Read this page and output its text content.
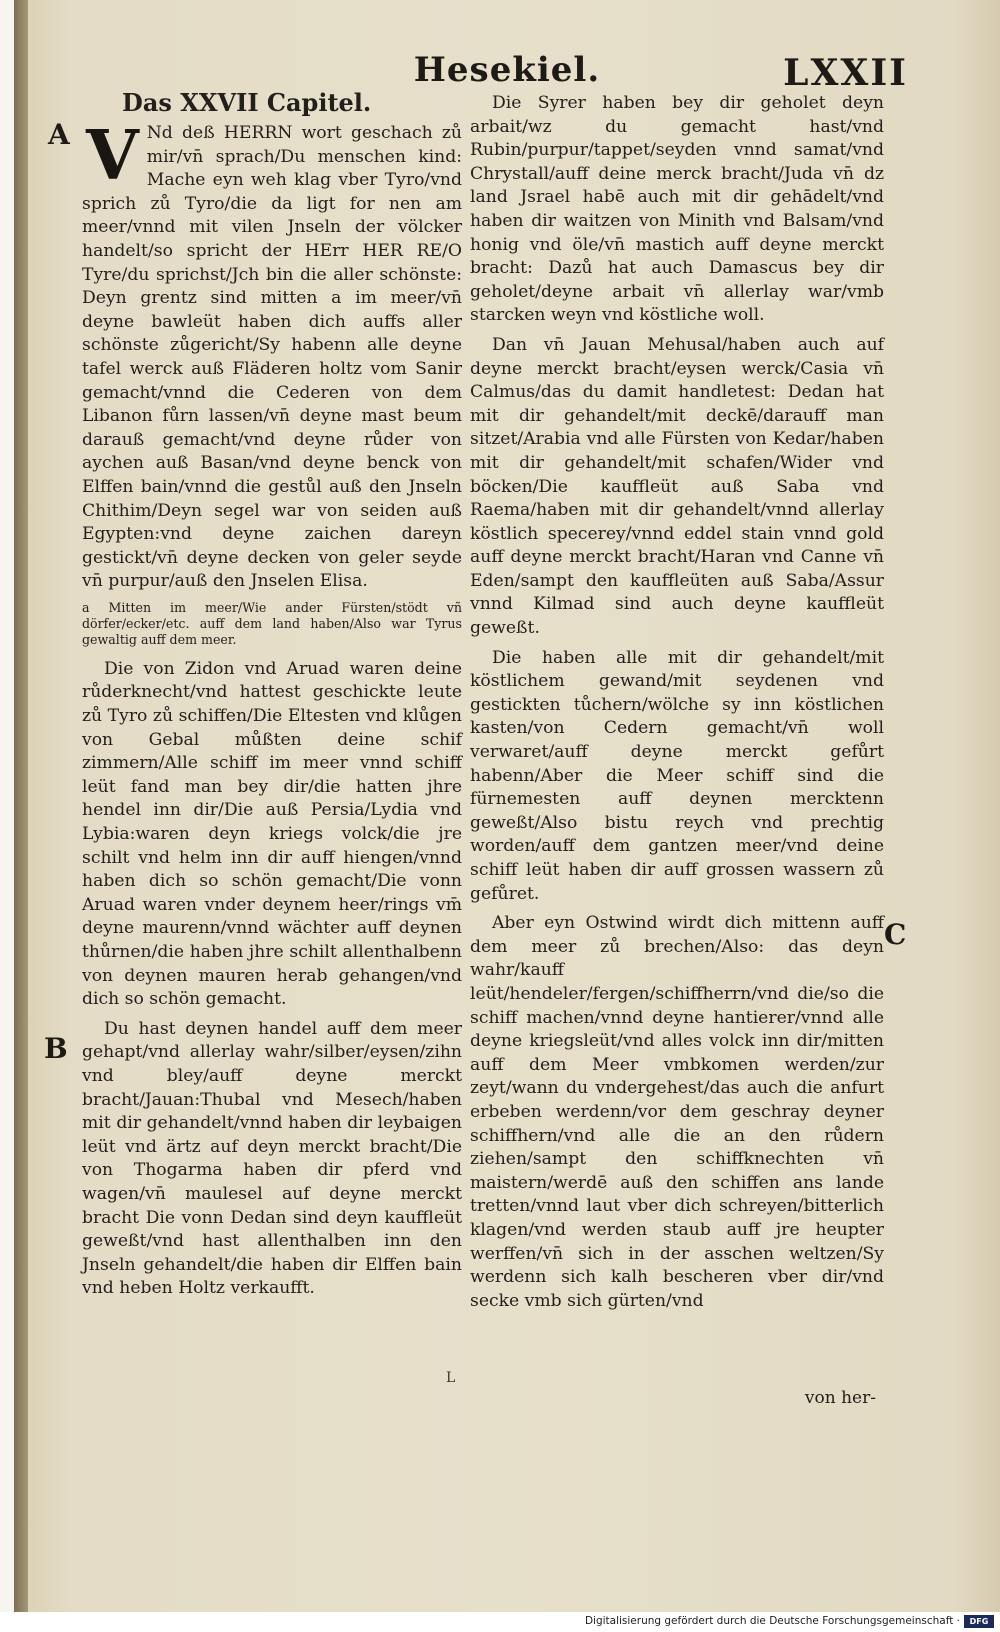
Hesekiel.	LXXII
A
B
C
Das XXVII Capitel.
V Nd deß HERRN wort geschach zů mir/vn̄ sprach/Du menschen kind: Mache eyn weh klag vber Tyro/vnd sprich zů Tyro/die da ligt for nen am meer/vnnd mit vilen Jnseln der völcker handelt/so spricht der HErr HER RE/O Tyre/du sprichst/Jch bin die aller schönste: Deyn grentz sind mitten a im meer/vn̄ deyne bawleüt haben dich auffs aller schönste zůgericht/Sy habenn alle deyne tafel werck auß Fläderen holtz vom Sanir gemacht/vnnd die Cederen von dem Libanon fůrn lassen/vn̄ deyne mast beum darauß gemacht/vnd deyne růder von aychen auß Basan/vnd deyne benck von Elffen bain/vnnd die gestůl auß den Jnseln Chithim/Deyn segel war von seiden auß Egypten:vnd deyne zaichen dareyn gestickt/vn̄ deyne decken von geler seyde vn̄ purpur/auß den Jnselen Elisa.
a Mitten im meer/Wie ander Fürsten/stödt vñ dörfer/ecker/etc. auff dem land haben/Also war Tyrus gewaltig auff dem meer.
Die von Zidon vnd Aruad waren deine růderknecht/vnd hattest geschickte leute zů Tyro zů schiffen/Die Eltesten vnd klůgen von Gebal můßten deine schif zimmern/Alle schiff im meer vnnd schiff leüt fand man bey dir/die hatten jhre hendel inn dir/Die auß Persia/Lydia vnd Lybia:waren deyn kriegs volck/die jre schilt vnd helm inn dir auff hiengen/vnnd haben dich so schön gemacht/Die vonn Aruad waren vnder deynem heer/rings vm̄ deyne maurenn/vnnd wächter auff deynen thůrnen/die haben jhre schilt allenthalbenn von deynen mauren herab gehangen/vnd dich so schön gemacht.
Du hast deynen handel auff dem meer gehapt/vnd allerlay wahr/silber/eysen/zihn vnd bley/auff deyne merckt bracht/Jauan:Thubal vnd Mesech/haben mit dir gehandelt/vnnd haben dir leybaigen leüt vnd ärtz auf deyn merckt bracht/Die von Thogarma haben dir pferd vnd wagen/vn̄ maulesel auf deyne merckt bracht Die vonn Dedan sind deyn kauffleüt geweßt/vnd hast allenthalben inn den Jnseln gehandelt/die haben dir Elffen bain vnd heben Holtz verkaufft.
Die Syrer haben bey dir geholet deyn arbait/wz du gemacht hast/vnd Rubin/purpur/tappet/seyden vnnd samat/vnd Chrystall/auff deine merck bracht/Juda vn̄ dz land Jsrael habē auch mit dir gehādelt/vnd haben dir waitzen von Minith vnd Balsam/vnd honig vnd öle/vn̄ mastich auff deyne merckt bracht: Dazů hat auch Damascus bey dir geholet/deyne arbait vn̄ allerlay war/vmb starcken weyn vnd köstliche woll.
Dan vn̄ Jauan Mehusal/haben auch auf deyne merckt bracht/eysen werck/Casia vn̄ Calmus/das du damit handletest: Dedan hat mit dir gehandelt/mit deckē/darauff man sitzet/Arabia vnd alle Fürsten von Kedar/haben mit dir gehandelt/mit schafen/Wider vnd böcken/Die kauffleüt auß Saba vnd Raema/haben mit dir gehandelt/vnnd allerlay köstlich specerey/vnnd eddel stain vnnd gold auff deyne merckt bracht/Haran vnd Canne vn̄ Eden/sampt den kauffleüten auß Saba/Assur vnnd Kilmad sind auch deyne kauffleüt geweßt.
Die haben alle mit dir gehandelt/mit köstlichem gewand/mit seydenen vnd gestickten tůchern/wölche sy inn köstlichen kasten/von Cedern gemacht/vn̄ woll verwaret/auff deyne merckt gefůrt habenn/Aber die Meer schiff sind die fürnemesten auff deynen mercktenn geweßt/Also bistu reych vnd prechtig worden/auff dem gantzen meer/vnd deine schiff leüt haben dir auff grossen wassern zů gefůret.
Aber eyn Ostwind wirdt dich mittenn auff dem meer zů brechen/Also: das deyn wahr/kauff leüt/hendeler/fergen/schiffherrn/vnd die/so die schiff machen/vnnd deyne hantierer/vnnd alle deyne kriegsleüt/vnd alles volck inn dir/mitten auff dem Meer vmbkomen werden/zur zeyt/wann du vndergehest/das auch die anfurt erbeben werdenn/vor dem geschray deyner schiffhern/vnd alle die an den růdern ziehen/sampt den schiffknechten vn̄ maistern/werdē auß den schiffen ans lande tretten/vnnd laut vber dich schreyen/bitterlich klagen/vnd werden staub auff jre heupter werffen/vn̄ sich in der asschen weltzen/Sy werdenn sich kalh bescheren vber dir/vnd secke vmb sich gürten/vnd
L
von her-
Digitalisierung gefördert durch die Deutsche Forschungsgemeinschaft ·	DFG
